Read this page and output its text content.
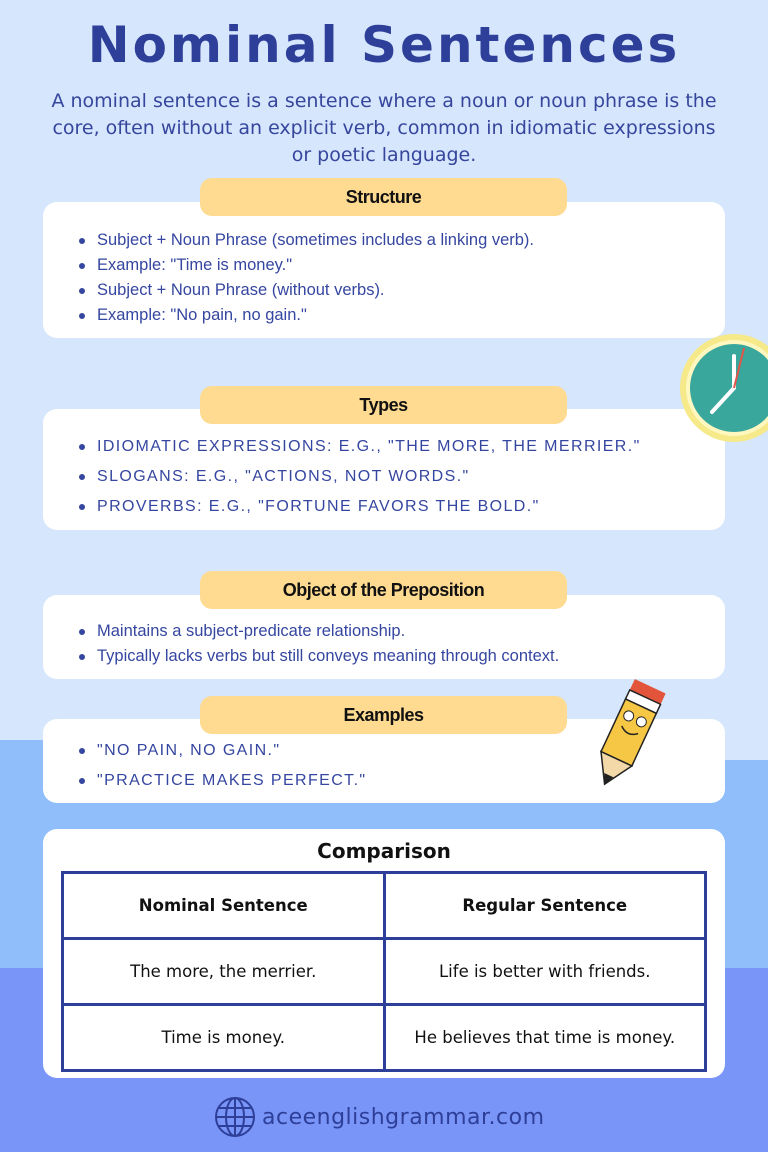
Nominal Sentences

A nominal sentence is a sentence where a noun or noun phrase is the core, often without an explicit verb, common in idiomatic expressions or poetic language.

Subject + Noun Phrase (sometimes includes a linking verb).
Example: "Time is money."
Subject + Noun Phrase (without verbs).
Example: "No pain, no gain."
Structure
IDIOMATIC EXPRESSIONS: E.G., "THE MORE, THE MERRIER."
SLOGANS: E.G., "ACTIONS, NOT WORDS."
PROVERBS: E.G., "FORTUNE FAVORS THE BOLD."
Types
Maintains a subject-predicate relationship.
Typically lacks verbs but still conveys meaning through context.
Object of the Preposition
"NO PAIN, NO GAIN."
"PRACTICE MAKES PERFECT."
Examples
Comparison
Nominal Sentence	Regular Sentence
The more, the merrier.	Life is better with friends.
Time is money.	He believes that time is money.
aceenglishgrammar.com
